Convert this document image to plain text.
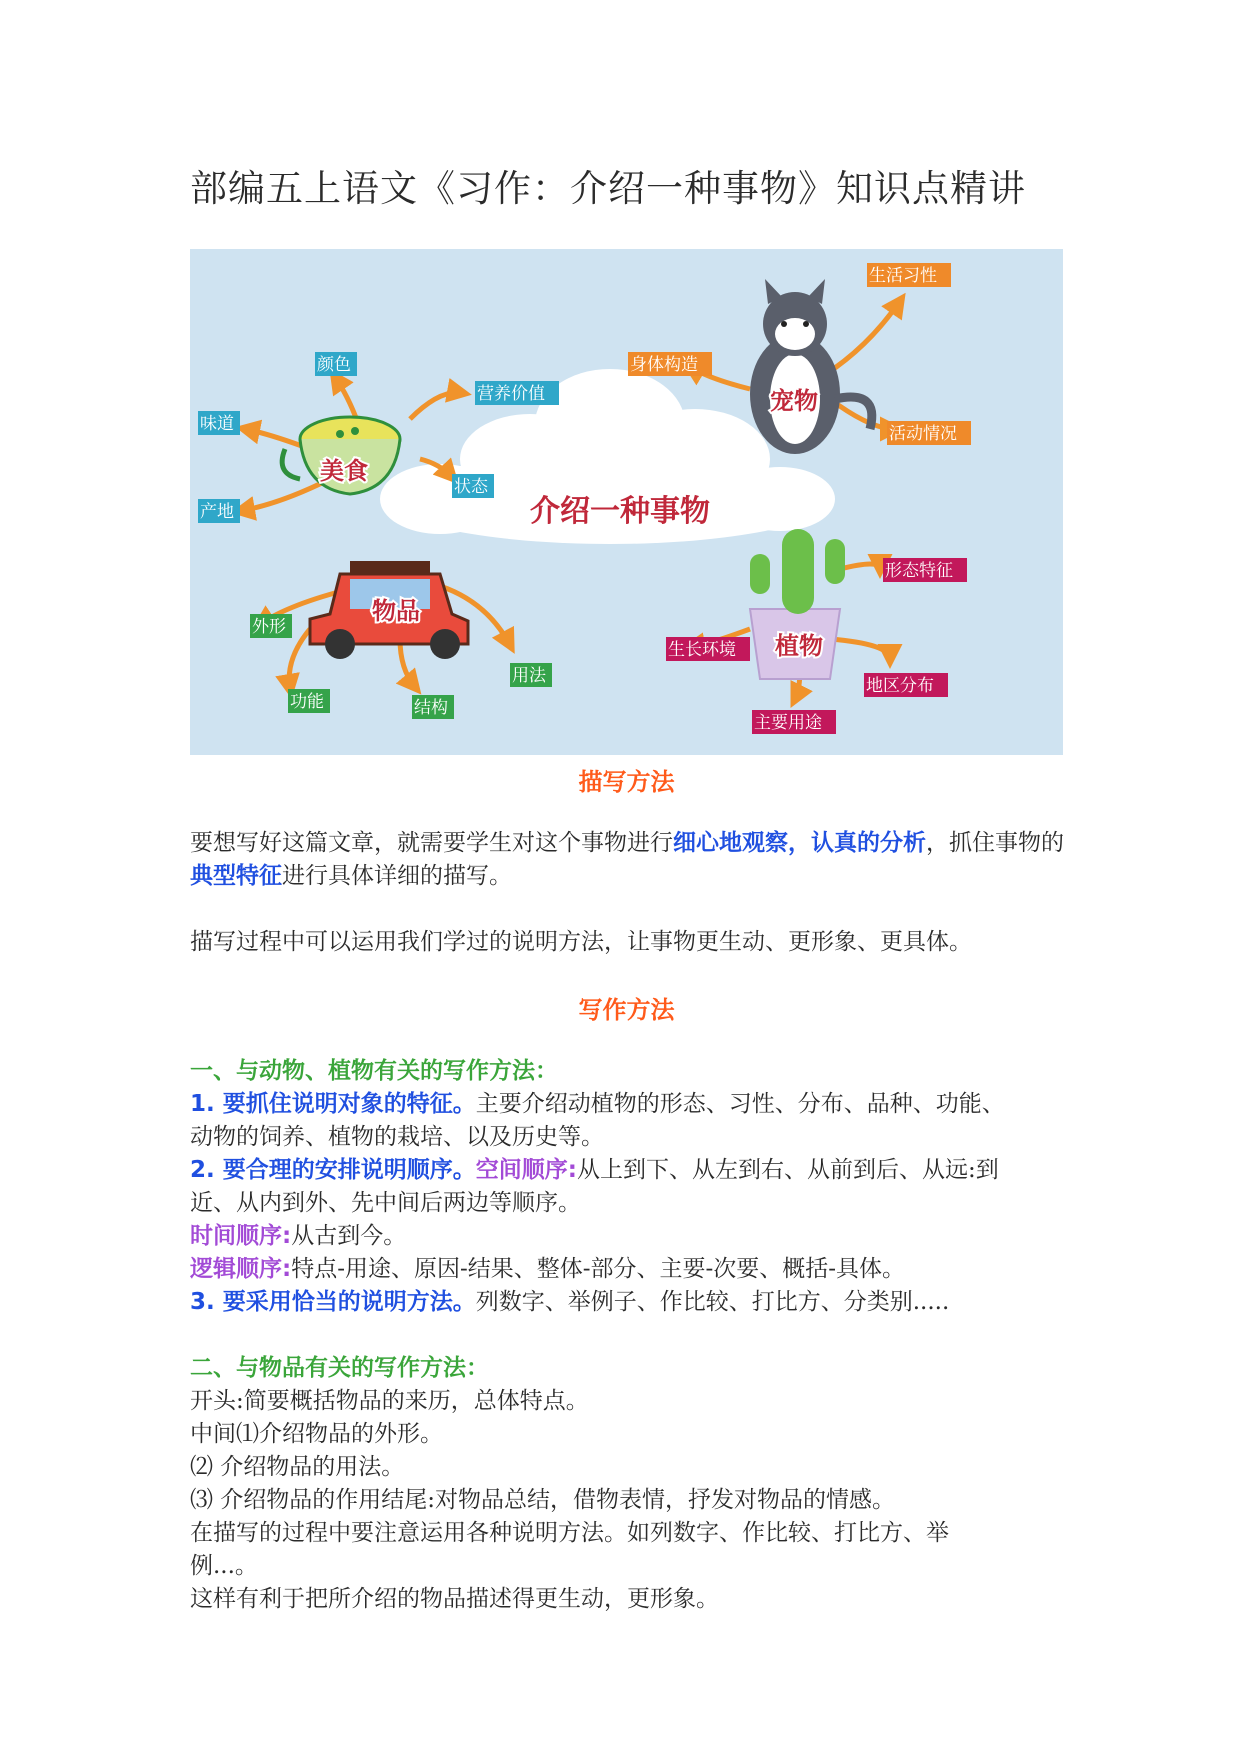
部编五上语文《习作：介绍一种事物》知识点精讲
介绍一种事物
美食
宠物
物品
植物
颜色
营养价值
味道
状态
产地
生活习性
身体构造
活动情况
外形
用法
功能	结构
形态特征
生长环境
地区分布
主要用途
描写方法
要想写好这篇文章，就需要学生对这个事物进行细心地观察，认真的分析，抓住事物的典型特征进行具体详细的描写。
描写过程中可以运用我们学过的说明方法，让事物更生动、更形象、更具体。
写作方法
一、与动物、植物有关的写作方法：
1. 要抓住说明对象的特征。主要介绍动植物的形态、习性、分布、品种、功能、
动物的饲养、植物的栽培、以及历史等。
2. 要合理的安排说明顺序。空间顺序:从上到下、从左到右、从前到后、从远:到
近、从内到外、先中间后两边等顺序。
时间顺序:从古到今。
逻辑顺序:特点-用途、原因-结果、整体-部分、主要-次要、概括-具体。
3. 要采用恰当的说明方法。列数字、举例子、作比较、打比方、分类别.....
二、与物品有关的写作方法：
开头:简要概括物品的来历，总体特点。
中间⑴介绍物品的外形。
⑵ 介绍物品的用法。
⑶ 介绍物品的作用结尾:对物品总结，借物表情，抒发对物品的情感。
在描写的过程中要注意运用各种说明方法。如列数字、作比较、打比方、举
例...。
这样有利于把所介绍的物品描述得更生动，更形象。
